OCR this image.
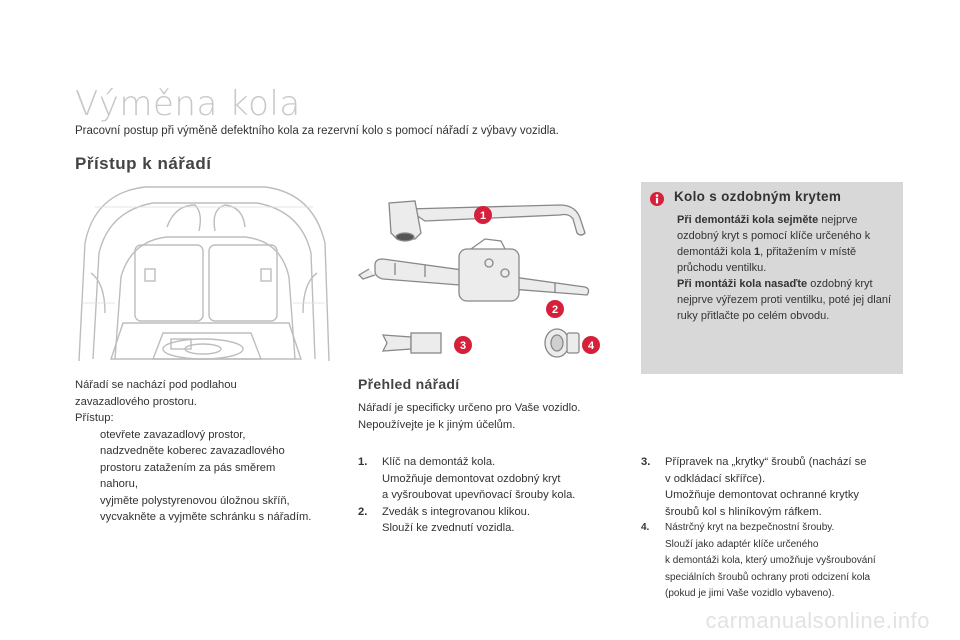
Výměna kola
Pracovní postup při výměně defektního kola za rezervní kolo s pomocí nářadí z výbavy vozidla.
Přístup k nářadí
Nářadí se nachází pod podlahou
zavazadlového prostoru.
Přístup:
otevřete zavazadlový prostor,
nadzvedněte koberec zavazadlového
prostoru zatažením za pás směrem
nahoru,
vyjměte polystyrenovou úložnou skříň,
vycvakněte a vyjměte schránku s nářadím.
1
2
3	4
Přehled nářadí
Nářadí je specificky určeno pro Vaše vozidlo.
Nepoužívejte je k jiným účelům.
1. Klíč na demontáž kola.
Umožňuje demontovat ozdobný kryt
a vyšroubovat upevňovací šrouby kola.
2. Zvedák s integrovanou klikou.
Slouží ke zvednutí vozidla.
3. Přípravek na „krytky“ šroubů (nachází se
v odkládací skřířce).
Umožňuje demontovat ochranné krytky
šroubů kol s hliníkovým ráfkem.
4. Nástrčný kryt na bezpečnostní šrouby.
Slouží jako adaptér klíče určeného
k demontáži kola, který umožňuje vyšroubování
speciálních šroubů ochrany proti odcizení kola
(pokud je jimi Vaše vozidlo vybaveno).
Kolo s ozdobným krytem
Při demontáži kola sejměte nejprve ozdobný kryt s pomocí klíče určeného k demontáži kola 1, přitažením v místě průchodu ventilku.
Při montáži kola nasaďte ozdobný kryt nejprve výřezem proti ventilku, poté jej dlaní ruky přitlačte po celém obvodu.
carmanualsonline.info
